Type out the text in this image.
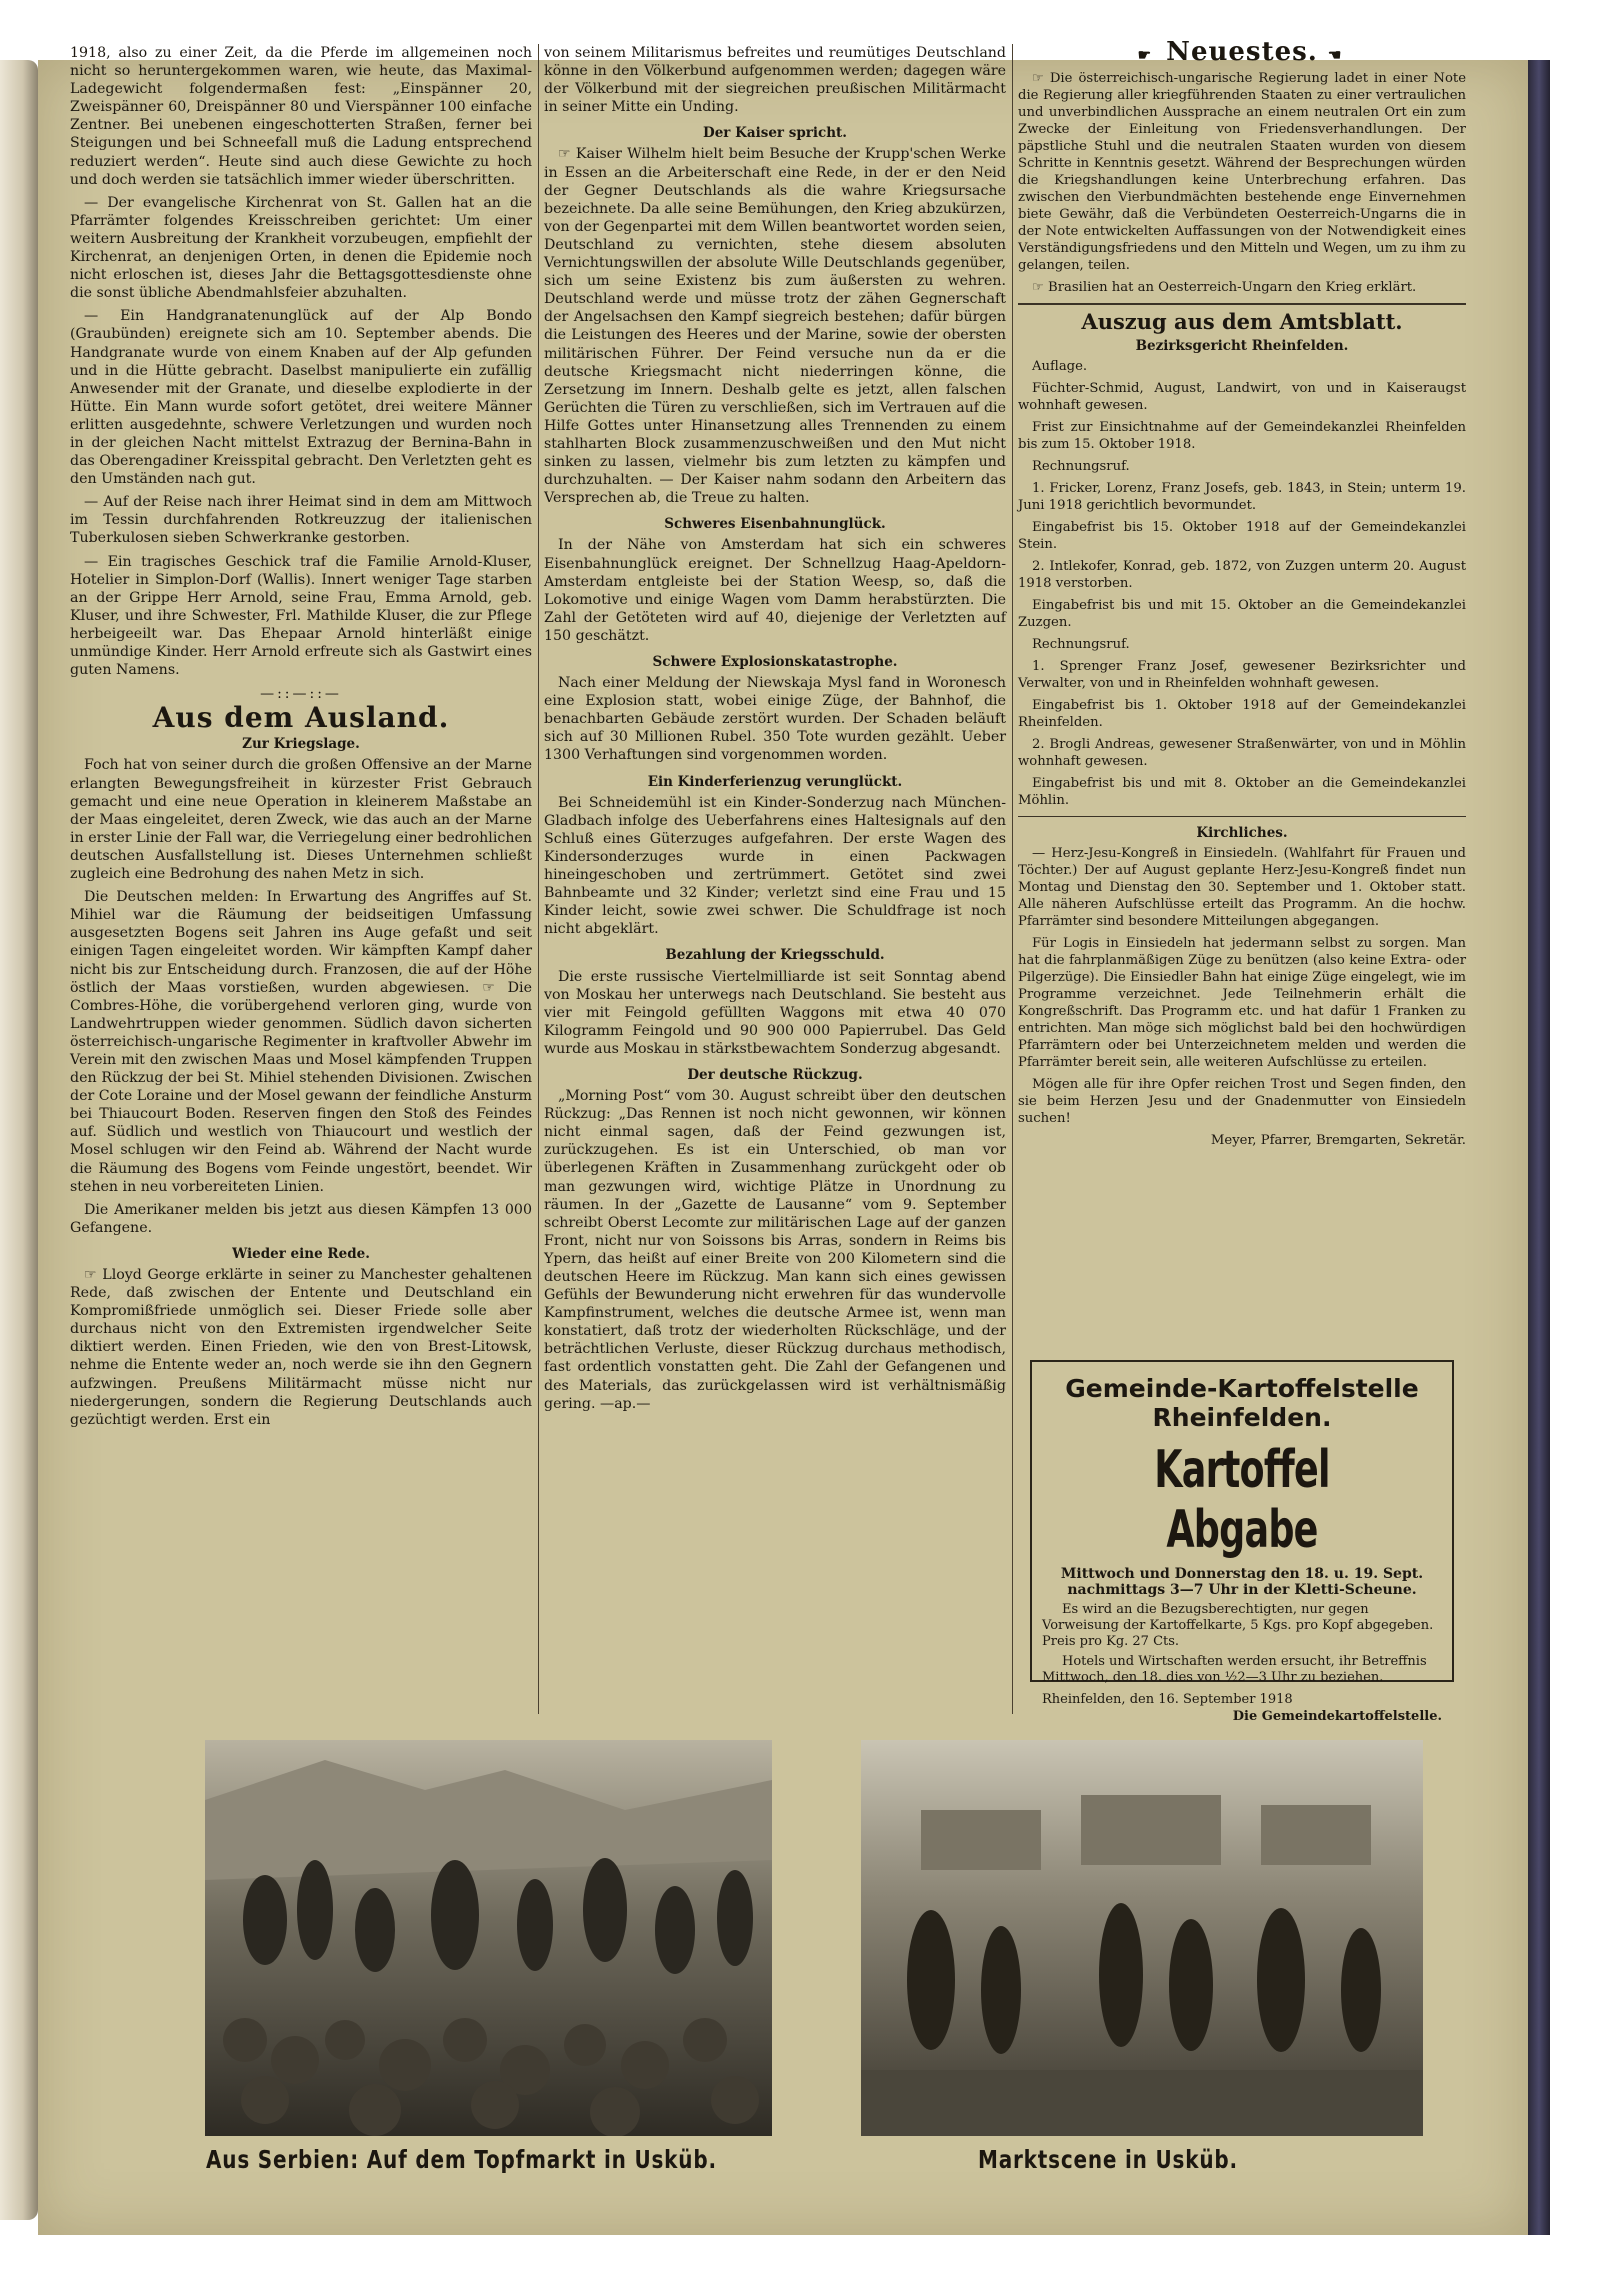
1918, also zu einer Zeit, da die Pferde im allgemeinen noch nicht so heruntergekommen waren, wie heute, das Maximal-Ladegewicht folgendermaßen fest: „Einspänner 20, Zweispänner 60, Dreispänner 80 und Vierspänner 100 einfache Zentner. Bei unebenen eingeschotterten Straßen, ferner bei Steigungen und bei Schneefall muß die Ladung entsprechend reduziert werden“. Heute sind auch diese Gewichte zu hoch und doch werden sie tatsächlich immer wieder überschritten.

— Der evangelische Kirchenrat von St. Gallen hat an die Pfarrämter folgendes Kreisschreiben gerichtet: Um einer weitern Ausbreitung der Krankheit vorzubeugen, empfiehlt der Kirchenrat, an denjenigen Orten, in denen die Epidemie noch nicht erloschen ist, dieses Jahr die Bettagsgottesdienste ohne die sonst übliche Abendmahlsfeier abzuhalten.

— Ein Handgranatenunglück auf der Alp Bondo (Graubünden) ereignete sich am 10. September abends. Die Handgranate wurde von einem Knaben auf der Alp gefunden und in die Hütte gebracht. Daselbst manipulierte ein zufällig Anwesender mit der Granate, und dieselbe explodierte in der Hütte. Ein Mann wurde sofort getötet, drei weitere Männer erlitten ausgedehnte, schwere Verletzungen und wurden noch in der gleichen Nacht mittelst Extrazug der Bernina-Bahn in das Oberengadiner Kreisspital gebracht. Den Verletzten geht es den Umständen nach gut.

— Auf der Reise nach ihrer Heimat sind in dem am Mittwoch im Tessin durchfahrenden Rotkreuzzug der italienischen Tuberkulosen sieben Schwerkranke gestorben.

— Ein tragisches Geschick traf die Familie Arnold-Kluser, Hotelier in Simplon-Dorf (Wallis). Innert weniger Tage starben an der Grippe Herr Arnold, seine Frau, Emma Arnold, geb. Kluser, und ihre Schwester, Frl. Mathilde Kluser, die zur Pflege herbeigeeilt war. Das Ehepaar Arnold hinterläßt einige unmündige Kinder. Herr Arnold erfreute sich als Gastwirt eines guten Namens.

—::—::—
Aus dem Ausland.
Zur Kriegslage.

Foch hat von seiner durch die großen Offensive an der Marne erlangten Bewegungsfreiheit in kürzester Frist Gebrauch gemacht und eine neue Operation in kleinerem Maßstabe an der Maas eingeleitet, deren Zweck, wie das auch an der Marne in erster Linie der Fall war, die Verriegelung einer bedrohlichen deutschen Ausfallstellung ist. Dieses Unternehmen schließt zugleich eine Bedrohung des nahen Metz in sich.

Die Deutschen melden: In Erwartung des Angriffes auf St. Mihiel war die Räumung der beidseitigen Umfassung ausgesetzten Bogens seit Jahren ins Auge gefaßt und seit einigen Tagen eingeleitet worden. Wir kämpften Kampf daher nicht bis zur Entscheidung durch. Franzosen, die auf der Höhe östlich der Maas vorstießen, wurden abgewiesen. ☞ Die Combres-Höhe, die vorübergehend verloren ging, wurde von Landwehrtruppen wieder genommen. Südlich davon sicherten österreichisch-ungarische Regimenter in kraftvoller Abwehr im Verein mit den zwischen Maas und Mosel kämpfenden Truppen den Rückzug der bei St. Mihiel stehenden Divisionen. Zwischen der Cote Loraine und der Mosel gewann der feindliche Ansturm bei Thiaucourt Boden. Reserven fingen den Stoß des Feindes auf. Südlich und westlich von Thiaucourt und westlich der Mosel schlugen wir den Feind ab. Während der Nacht wurde die Räumung des Bogens vom Feinde ungestört, beendet. Wir stehen in neu vorbereiteten Linien.

Die Amerikaner melden bis jetzt aus diesen Kämpfen 13 000 Gefangene.

Wieder eine Rede.

☞ Lloyd George erklärte in seiner zu Manchester gehaltenen Rede, daß zwischen der Entente und Deutschland ein Kompromißfriede unmöglich sei. Dieser Friede solle aber durchaus nicht von den Extremisten irgendwelcher Seite diktiert werden. Einen Frieden, wie den von Brest-Litowsk, nehme die Entente weder an, noch werde sie ihn den Gegnern aufzwingen. Preußens Militärmacht müsse nicht nur niedergerungen, sondern die Regierung Deutschlands auch gezüchtigt werden. Erst ein

von seinem Militarismus befreites und reumütiges Deutschland könne in den Völkerbund aufgenommen werden; dagegen wäre der Völkerbund mit der siegreichen preußischen Militärmacht in seiner Mitte ein Unding.

Der Kaiser spricht.

☞ Kaiser Wilhelm hielt beim Besuche der Krupp'schen Werke in Essen an die Arbeiterschaft eine Rede, in der er den Neid der Gegner Deutschlands als die wahre Kriegsursache bezeichnete. Da alle seine Bemühungen, den Krieg abzukürzen, von der Gegenpartei mit dem Willen beantwortet worden seien, Deutschland zu vernichten, stehe diesem absoluten Vernichtungswillen der absolute Wille Deutschlands gegenüber, sich um seine Existenz bis zum äußersten zu wehren. Deutschland werde und müsse trotz der zähen Gegnerschaft der Angelsachsen den Kampf siegreich bestehen; dafür bürgen die Leistungen des Heeres und der Marine, sowie der obersten militärischen Führer. Der Feind versuche nun da er die deutsche Kriegsmacht nicht niederringen könne, die Zersetzung im Innern. Deshalb gelte es jetzt, allen falschen Gerüchten die Türen zu verschließen, sich im Vertrauen auf die Hilfe Gottes unter Hinansetzung alles Trennenden zu einem stahlharten Block zusammenzuschweißen und den Mut nicht sinken zu lassen, vielmehr bis zum letzten zu kämpfen und durchzuhalten. — Der Kaiser nahm sodann den Arbeitern das Versprechen ab, die Treue zu halten.

Schweres Eisenbahnunglück.

In der Nähe von Amsterdam hat sich ein schweres Eisenbahnunglück ereignet. Der Schnellzug Haag-Apeldorn-Amsterdam entgleiste bei der Station Weesp, so, daß die Lokomotive und einige Wagen vom Damm herabstürzten. Die Zahl der Getöteten wird auf 40, diejenige der Verletzten auf 150 geschätzt.

Schwere Explosionskatastrophe.

Nach einer Meldung der Niewskaja Mysl fand in Woronesch eine Explosion statt, wobei einige Züge, der Bahnhof, die benachbarten Gebäude zerstört wurden. Der Schaden beläuft sich auf 30 Millionen Rubel. 350 Tote wurden gezählt. Ueber 1300 Verhaftungen sind vorgenommen worden.

Ein Kinderferienzug verunglückt.

Bei Schneidemühl ist ein Kinder-Sonderzug nach München-Gladbach infolge des Ueberfahrens eines Haltesignals auf den Schluß eines Güterzuges aufgefahren. Der erste Wagen des Kindersonderzuges wurde in einen Packwagen hineingeschoben und zertrümmert. Getötet sind zwei Bahnbeamte und 32 Kinder; verletzt sind eine Frau und 15 Kinder leicht, sowie zwei schwer. Die Schuldfrage ist noch nicht abgeklärt.

Bezahlung der Kriegsschuld.

Die erste russische Viertelmilliarde ist seit Sonntag abend von Moskau her unterwegs nach Deutschland. Sie besteht aus vier mit Feingold gefüllten Waggons mit etwa 40 070 Kilogramm Feingold und 90 900 000 Papierrubel. Das Geld wurde aus Moskau in stärkstbewachtem Sonderzug abgesandt.

Der deutsche Rückzug.

„Morning Post“ vom 30. August schreibt über den deutschen Rückzug: „Das Rennen ist noch nicht gewonnen, wir können nicht einmal sagen, daß der Feind gezwungen ist, zurückzugehen. Es ist ein Unterschied, ob man vor überlegenen Kräften in Zusammenhang zurückgeht oder ob man gezwungen wird, wichtige Plätze in Unordnung zu räumen. In der „Gazette de Lausanne“ vom 9. September schreibt Oberst Lecomte zur militärischen Lage auf der ganzen Front, nicht nur von Soissons bis Arras, sondern in Reims bis Ypern, das heißt auf einer Breite von 200 Kilometern sind die deutschen Heere im Rückzug. Man kann sich eines gewissen Gefühls der Bewunderung nicht erwehren für das wundervolle Kampfinstrument, welches die deutsche Armee ist, wenn man konstatiert, daß trotz der wiederholten Rückschläge, und der beträchtlichen Verluste, dieser Rückzug durchaus methodisch, fast ordentlich vonstatten geht. Die Zahl der Gefangenen und des Materials, das zurückgelassen wird ist verhältnismäßig gering. —ap.—

☛ Neuestes. ☚

☞ Die österreichisch-ungarische Regierung ladet in einer Note die Regierung aller kriegführenden Staaten zu einer vertraulichen und unverbindlichen Aussprache an einem neutralen Ort ein zum Zwecke der Einleitung von Friedensverhandlungen. Der päpstliche Stuhl und die neutralen Staaten wurden von diesem Schritte in Kenntnis gesetzt. Während der Besprechungen würden die Kriegshandlungen keine Unterbrechung erfahren. Das zwischen den Vierbundmächten bestehende enge Einvernehmen biete Gewähr, daß die Verbündeten Oesterreich-Ungarns die in der Note entwickelten Auffassungen von der Notwendigkeit eines Verständigungsfriedens und den Mitteln und Wegen, um zu ihm zu gelangen, teilen.

☞ Brasilien hat an Oesterreich-Ungarn den Krieg erklärt.

Auszug aus dem Amtsblatt.
Bezirksgericht Rheinfelden.

Auflage.

Füchter-Schmid, August, Landwirt, von und in Kaiseraugst wohnhaft gewesen.

Frist zur Einsichtnahme auf der Gemeindekanzlei Rheinfelden bis zum 15. Oktober 1918.

Rechnungsruf.

1. Fricker, Lorenz, Franz Josefs, geb. 1843, in Stein; unterm 19. Juni 1918 gerichtlich bevormundet.

Eingabefrist bis 15. Oktober 1918 auf der Gemeindekanzlei Stein.

2. Intlekofer, Konrad, geb. 1872, von Zuzgen unterm 20. August 1918 verstorben.

Eingabefrist bis und mit 15. Oktober an die Gemeindekanzlei Zuzgen.

Rechnungsruf.

1. Sprenger Franz Josef, gewesener Bezirksrichter und Verwalter, von und in Rheinfelden wohnhaft gewesen.

Eingabefrist bis 1. Oktober 1918 auf der Gemeindekanzlei Rheinfelden.

2. Brogli Andreas, gewesener Straßenwärter, von und in Möhlin wohnhaft gewesen.

Eingabefrist bis und mit 8. Oktober an die Gemeindekanzlei Möhlin.

Kirchliches.

— Herz-Jesu-Kongreß in Einsiedeln. (Wahlfahrt für Frauen und Töchter.) Der auf August geplante Herz-Jesu-Kongreß findet nun Montag und Dienstag den 30. September und 1. Oktober statt. Alle näheren Aufschlüsse erteilt das Programm. An die hochw. Pfarrämter sind besondere Mitteilungen abgegangen.

Für Logis in Einsiedeln hat jedermann selbst zu sorgen. Man hat die fahrplanmäßigen Züge zu benützen (also keine Extra- oder Pilgerzüge). Die Einsiedler Bahn hat einige Züge eingelegt, wie im Programme verzeichnet. Jede Teilnehmerin erhält die Kongreßschrift. Das Programm etc. und hat dafür 1 Franken zu entrichten. Man möge sich möglichst bald bei den hochwürdigen Pfarrämtern oder bei Unterzeichnetem melden und werden die Pfarrämter bereit sein, alle weiteren Aufschlüsse zu erteilen.

Mögen alle für ihre Opfer reichen Trost und Segen finden, den sie beim Herzen Jesu und der Gnadenmutter von Einsiedeln suchen!

Meyer, Pfarrer, Bremgarten, Sekretär.

Gemeinde-Kartoffelstelle
Rheinfelden.
Kartoffel Abgabe
Mittwoch und Donnerstag den 18. u. 19. Sept.
nachmittags 3—7 Uhr in der Kletti-Scheune.
Es wird an die Bezugsberechtigten, nur gegen Vorweisung der Kartoffelkarte, 5 Kgs. pro Kopf abgegeben. Preis pro Kg. 27 Cts.
Hotels und Wirtschaften werden ersucht, ihr Betreffnis Mittwoch, den 18. dies von ½2—3 Uhr zu beziehen.
Rheinfelden, den 16. September 1918
Die Gemeindekartoffelstelle.
Aus Serbien: Auf dem Topfmarkt in Usküb.	Marktscene in Usküb.
